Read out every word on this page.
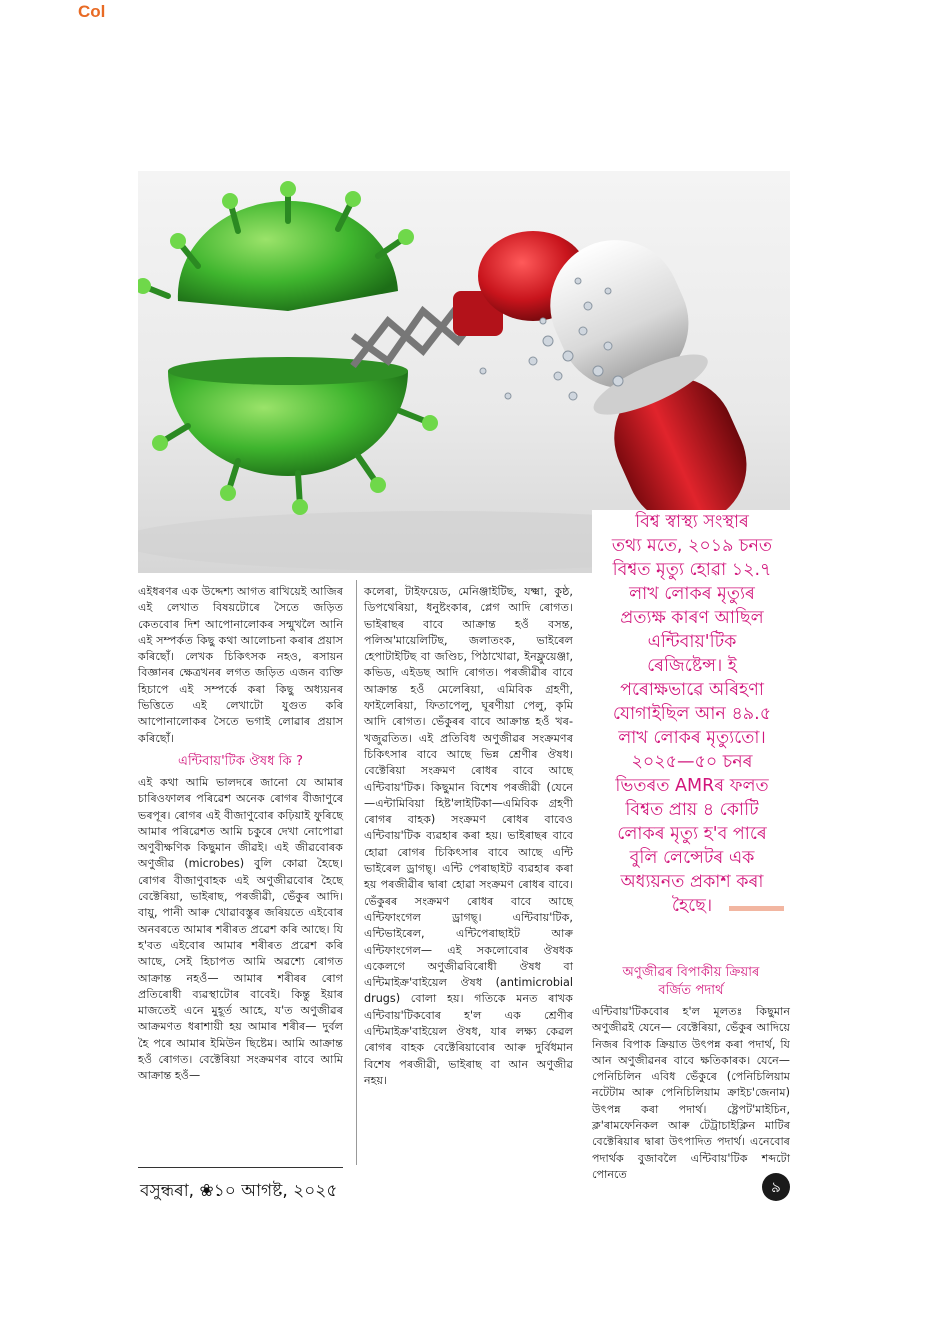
Col
বিশ্ব স্বাস্থ্য সংস্থাৰ
তথ্য মতে, ২০১৯ চনত
বিশ্বত মৃত্যু হোৱা ১২.৭
লাখ লোকৰ মৃত্যুৰ
প্ৰত্যক্ষ কাৰণ আছিল
এন্টিবায়'টিক
ৰেজিষ্টেন্স। ই
পৰোক্ষভাৱে অৰিহণা
যোগাইছিল আন ৪৯.৫
লাখ লোকৰ মৃত্যুতো।
২০২৫—৫০ চনৰ
ভিতৰত AMRৰ ফলত
বিশ্বত প্ৰায় ৪ কোটি
লোকৰ মৃত্যু হ'ব পাৰে
বুলি লেন্সেটৰ এক
অধ্যয়নত প্ৰকাশ কৰা
হৈছে।

এইধৰণৰ এক উদ্দেশ্য আগত ৰাখিয়েই আজিৰ এই লেখাত বিষয়টোৰে সৈতে জড়িত কেতবোৰ দিশ আপোনালোকৰ সন্মুখলৈ আনি এই সম্পৰ্কত কিছু কথা আলোচনা কৰাৰ প্ৰয়াস কৰিছোঁ। লেখক চিকিৎসক নহও, ৰসায়ন বিজ্ঞানৰ ক্ষেত্ৰখনৰ লগত জড়িত এজন ব্যক্তি হিচাপে এই সম্পৰ্কে কৰা কিছু অধ্যয়নৰ ভিত্তিতে এই লেখাটো যুগুত কৰি আপোনালোকৰ সৈতে ভগাই লোৱাৰ প্ৰয়াস কৰিছোঁ।

এন্টিবায়'টিক ঔষধ কি ?

এই কথা আমি ভালদৰে জানো যে আমাৰ চাৰিওফালৰ পৰিৱেশ অনেক ৰোগৰ বীজাণুৰে ভৰপূৰ। ৰোগৰ এই বীজাণুবোৰ কঢ়িয়াই ফুৰিছে আমাৰ পৰিৱেশত আমি চকুৰে দেখা নোপোৱা অণুবীক্ষণিক কিছুমান জীৱই। এই জীৱবোৰক অণুজীৱ (microbes) বুলি কোৱা হৈছে। ৰোগৰ বীজাণুবাহক এই অণুজীৱবোৰ হৈছে বেক্টেৰিয়া, ভাইৰাছ, পৰজীৱী, ভেঁকুৰ আদি। বায়ু, পানী আৰু খোৱাবস্তুৰ জৰিয়তে এইবোৰ অনবৰতে আমাৰ শৰীৰত প্ৰৱেশ কৰি আছে। যি হ'বত এইবোৰ আমাৰ শৰীৰত প্ৰৱেশ কৰি আছে, সেই হিচাপত আমি অৱশ্যে ৰোগত আক্ৰান্ত নহওঁ— আমাৰ শৰীৰৰ ৰোগ প্ৰতিৰোধী ব্যৱস্থাটোৰ বাবেই। কিন্তু ইয়াৰ মাজতেই এনে মুহূৰ্ত আহে, য'ত অণুজীৱৰ আক্ৰমণত ধৰাশায়ী হয় আমাৰ শৰীৰ— দুৰ্বল হৈ পৰে আমাৰ ইমিউন ছিষ্টেম। আমি আক্ৰান্ত হওঁ ৰোগত। বেক্টেৰিয়া সংক্ৰমণৰ বাবে আমি আক্ৰান্ত হওঁ—

কলেৰা, টাইফয়েড, মেনিঞ্জাইটিছ, যক্ষ্মা, কুষ্ঠ, ডিপথেৰিয়া, ধনুষ্টংকাৰ, প্লেগ আদি ৰোগত। ভাইৰাছৰ বাবে আক্ৰান্ত হওঁ বসন্ত, পলিঅ'মায়েলিটিছ, জলাতংক, ভাইৰেল হেপাটাইটিছ বা জণ্ডিচ, পিঠাখোৱা, ইনফ্লুয়েঞ্জা, কভিড, এইডছ আদি ৰোগত। পৰজীৱীৰ বাবে আক্ৰান্ত হওঁ মেলেৰিয়া, এমিবিক গ্ৰহণী, ফাইলেৰিয়া, ফিতাপেলু, ঘূৰণীয়া পেলু, কৃমি আদি ৰোগত। ভেঁকুৰৰ বাবে আক্ৰান্ত হওঁ খৰ-খজুৱতিত। এই প্ৰতিবিধ অণুজীৱৰ সংক্ৰমণৰ চিকিৎসাৰ বাবে আছে ভিন্ন শ্ৰেণীৰ ঔষধ। বেক্টেৰিয়া সংক্ৰমণ ৰোধৰ বাবে আছে এন্টিবায়'টিক। কিছুমান বিশেষ পৰজীৱী (যেনে—এন্টামিবিয়া হিষ্ট'লাইটিকা—এমিবিক গ্ৰহণী ৰোগৰ বাহক) সংক্ৰমণ ৰোধৰ বাবেও এন্টিবায়'টিক ব্যৱহাৰ কৰা হয়। ভাইৰাছৰ বাবে হোৱা ৰোগৰ চিকিৎসাৰ বাবে আছে এন্টি ভাইৰেল ড্ৰাগছ্। এন্টি পেৰাছাইট ব্যৱহাৰ কৰা হয় পৰজীৱীৰ দ্বাৰা হোৱা সংক্ৰমণ ৰোধৰ বাবে। ভেঁকুৰৰ সংক্ৰমণ ৰোধৰ বাবে আছে এন্টিফাংগেল ড্ৰাগছ্। এন্টিবায়'টিক, এন্টিভাইৰেল, এন্টিপেৰাছাইট আৰু এন্টিফাংগেল— এই সকলোবোৰ ঔষধক একেলগে অণুজীৱবিৰোধী ঔষধ বা এন্টিমাইক্ৰ'বাইয়েল ঔষধ (antimicrobial drugs) বোলা হয়। গতিকে মনত ৰাখক এন্টিবায়'টিকবোৰ হ'ল এক শ্ৰেণীৰ এন্টিমাইক্ৰ'বাইয়েল ঔষধ, যাৰ লক্ষ্য কেৱল ৰোগৰ বাহক বেক্টেৰিয়াবোৰ আৰু দুৰ্বিধমান বিশেষ পৰজীৱী, ভাইৰাছ বা আন অণুজীৱ নহয়।

অণুজীৱৰ বিপাকীয় ক্ৰিয়াৰ
বৰ্জিত পদাৰ্থ

এন্টিবায়'টিকবোৰ হ'ল মূলতঃ কিছুমান অণুজীৱই যেনে— বেক্টেৰিয়া, ভেঁকুৰ আদিয়ে নিজৰ বিপাক ক্ৰিয়াত উৎপন্ন কৰা পদাৰ্থ, যি আন অণুজীৱনৰ বাবে ক্ষতিকাৰক। যেনে— পেনিচিলিন এবিধ ভেঁকুৰে (পেনিচিলিয়াম নটেটাম আৰু পেনিচিলিয়াম ক্ৰাইচ'জেনাম) উৎপন্ন কৰা পদাৰ্থ। ষ্ট্ৰেপট'মাইচিন, ক্ল'ৰামফেনিকল আৰু টেট্ৰাচাইক্লিন মাটিৰ বেক্টেৰিয়াৰ দ্বাৰা উৎপাদিত পদাৰ্থ। এনেবোৰ পদাৰ্থক বুজাবলৈ এন্টিবায়'টিক শব্দটো পোনতে

বসুন্ধৰা, ❀১০ আগষ্ট, ২০২৫	৯
